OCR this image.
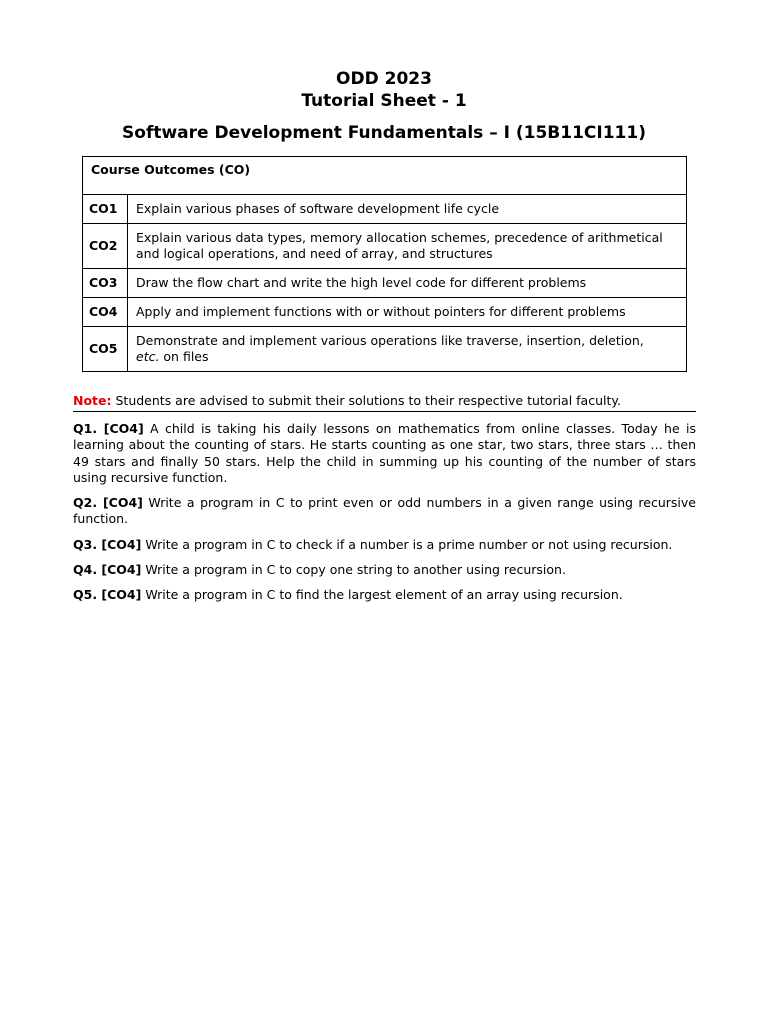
ODD 2023

Tutorial Sheet - 1

Software Development Fundamentals – I (15B11CI111)

Course Outcomes (CO)	
CO1	Explain various phases of software development life cycle
CO2	Explain various data types, memory allocation schemes, precedence of arithmetical and logical operations, and need of array, and structures
CO3	Draw the flow chart and write the high level code for different problems
CO4	Apply and implement functions with or without pointers for different problems
CO5	Demonstrate and implement various operations like traverse, insertion, deletion,
etc. on files
Note: Students are advised to submit their solutions to their respective tutorial faculty.

Q1. [CO4] A child is taking his daily lessons on mathematics from online classes. Today he is learning about the counting of stars. He starts counting as one star, two stars, three stars … then 49 stars and finally 50 stars. Help the child in summing up his counting of the number of stars using recursive function.

Q2. [CO4] Write a program in C to print even or odd numbers in a given range using recursive function.

Q3. [CO4] Write a program in C to check if a number is a prime number or not using recursion.

Q4. [CO4] Write a program in C to copy one string to another using recursion.

Q5. [CO4] Write a program in C to find the largest element of an array using recursion.
